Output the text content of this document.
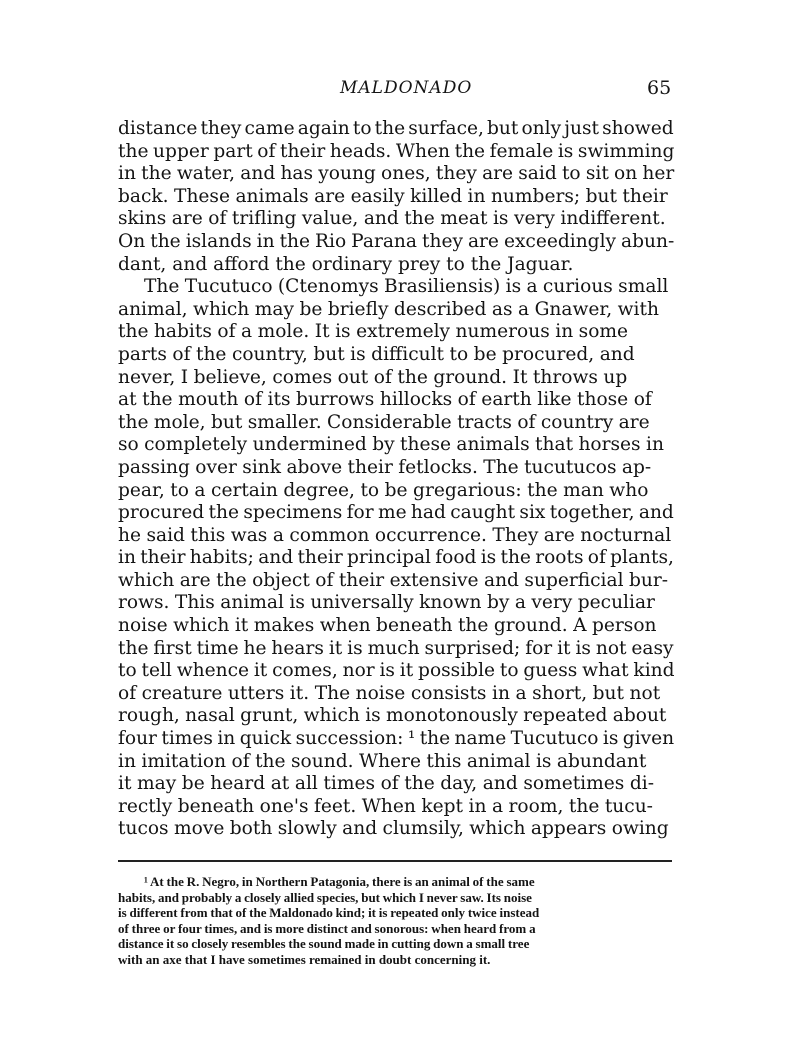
MALDONADO	65
distance they came again to the surface, but only just showed
the upper part of their heads. When the female is swimming
in the water, and has young ones, they are said to sit on her
back. These animals are easily killed in numbers; but their
skins are of trifling value, and the meat is very indifferent.
On the islands in the Rio Parana they are exceedingly abun-
dant, and afford the ordinary prey to the Jaguar.
The Tucutuco (Ctenomys Brasiliensis) is a curious small
animal, which may be briefly described as a Gnawer, with
the habits of a mole. It is extremely numerous in some
parts of the country, but is difficult to be procured, and
never, I believe, comes out of the ground. It throws up
at the mouth of its burrows hillocks of earth like those of
the mole, but smaller. Considerable tracts of country are
so completely undermined by these animals that horses in
passing over sink above their fetlocks. The tucutucos ap-
pear, to a certain degree, to be gregarious: the man who
procured the specimens for me had caught six together, and
he said this was a common occurrence. They are nocturnal
in their habits; and their principal food is the roots of plants,
which are the object of their extensive and superficial bur-
rows. This animal is universally known by a very peculiar
noise which it makes when beneath the ground. A person
the first time he hears it is much surprised; for it is not easy
to tell whence it comes, nor is it possible to guess what kind
of creature utters it. The noise consists in a short, but not
rough, nasal grunt, which is monotonously repeated about
four times in quick succession: ¹ the name Tucutuco is given
in imitation of the sound. Where this animal is abundant
it may be heard at all times of the day, and sometimes di-
rectly beneath one's feet. When kept in a room, the tucu-
tucos move both slowly and clumsily, which appears owing
¹ At the R. Negro, in Northern Patagonia, there is an animal of the same
habits, and probably a closely allied species, but which I never saw. Its noise
is different from that of the Maldonado kind; it is repeated only twice instead
of three or four times, and is more distinct and sonorous: when heard from a
distance it so closely resembles the sound made in cutting down a small tree
with an axe that I have sometimes remained in doubt concerning it.
